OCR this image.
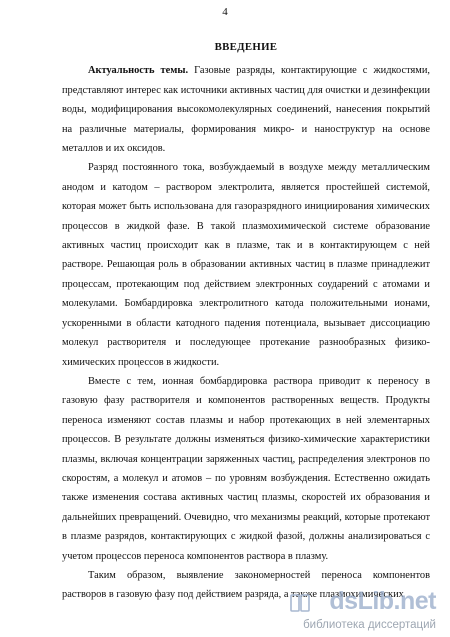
4
ВВЕДЕНИЕ

Актуальность темы. Газовые разряды, контактирующие с жидкостями, представляют интерес как источники активных частиц для очистки и дезинфекции воды, модифицирования высокомолекулярных соединений, нанесения покрытий на различные материалы, формирования микро- и наноструктур на основе металлов и их оксидов.

Разряд постоянного тока, возбуждаемый в воздухе между металлическим анодом и катодом – раствором электролита, является простейшей системой, которая может быть использована для газоразрядного инициирования химических процессов в жидкой фазе. В такой плазмохимической системе образование активных частиц происходит как в плазме, так и в контактирующем с ней растворе. Решающая роль в образовании активных частиц в плазме принадлежит процессам, протекающим под действием электронных соударений с атомами и молекулами. Бомбардировка электролитного катода положительными ионами, ускоренными в области катодного падения потенциала, вызывает диссоциацию молекул растворителя и последующее протекание разнообразных физико-химических процессов в жидкости.

Вместе с тем, ионная бомбардировка раствора приводит к переносу в газовую фазу растворителя и компонентов растворенных веществ. Продукты переноса изменяют состав плазмы и набор протекающих в ней элементарных процессов. В результате должны изменяться физико-химические характеристики плазмы, включая концентрации заряженных частиц, распределения электронов по скоростям, а молекул и атомов – по уровням возбуждения. Естественно ожидать также изменения состава активных частиц плазмы, скоростей их образования и дальнейших превращений. Очевидно, что механизмы реакций, которые протекают в плазме разрядов, контактирующих с жидкой фазой, должны анализироваться с учетом процессов переноса компонентов раствора в плазму.

Таким образом, выявление закономерностей переноса компонентов растворов в газовую фазу под действием разряда, а также плазмохимических

dsLib.net
библиотека диссертаций
